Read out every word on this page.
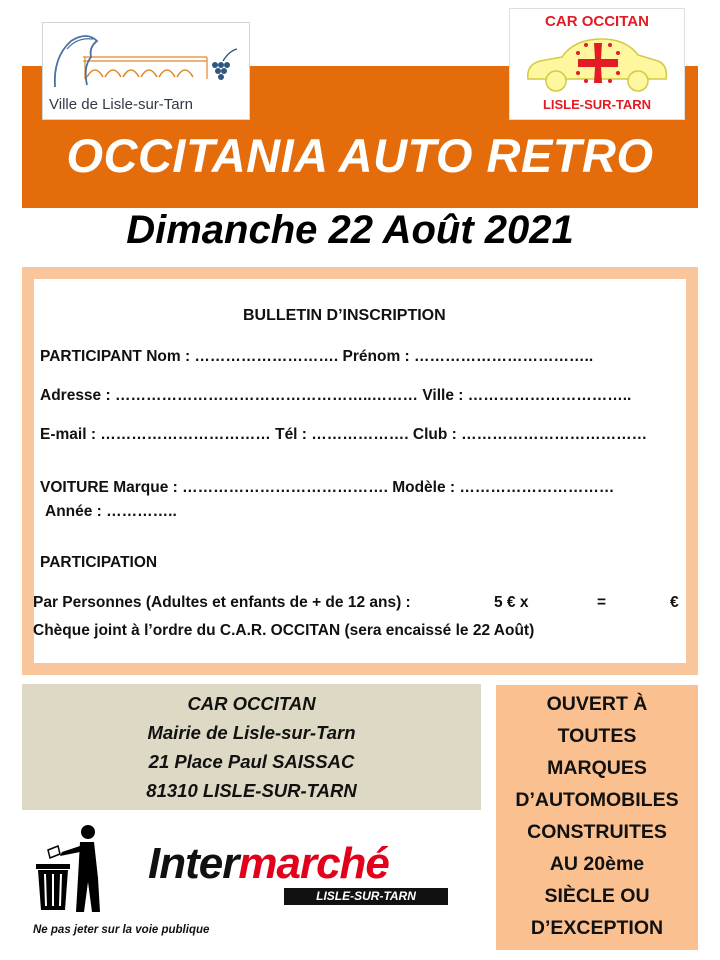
OCCITANIA AUTO RETRO
Ville de Lisle-sur-Tarn
CAR OCCITAN
LISLE-SUR-TARN
Dimanche 22 Août 2021
BULLETIN D’INSCRIPTION
PARTICIPANT Nom : ………………………. Prénom : ……………………………..
Adresse : …………………………………………..……… Ville : …………………………..
E-mail : …………………………… Tél : ………………. Club : ………………………………
VOITURE Marque : …………………………………. Modèle : …………………………
Année : …………..
PARTICIPATION
Par Personnes (Adultes et enfants de + de 12 ans) :	5 € x	=	€
Chèque joint à l’ordre du C.A.R. OCCITAN (sera encaissé le 22 Août)
CAR OCCITAN
Mairie de Lisle-sur-Tarn
21 Place Paul SAISSAC
81310 LISLE-SUR-TARN
OUVERT À
TOUTES
MARQUES
D’AUTOMOBILES
CONSTRUITES
AU 20ème
SIÈCLE OU
D’EXCEPTION
Intermarché
LISLE-SUR-TARN
Ne pas jeter sur la voie publique
